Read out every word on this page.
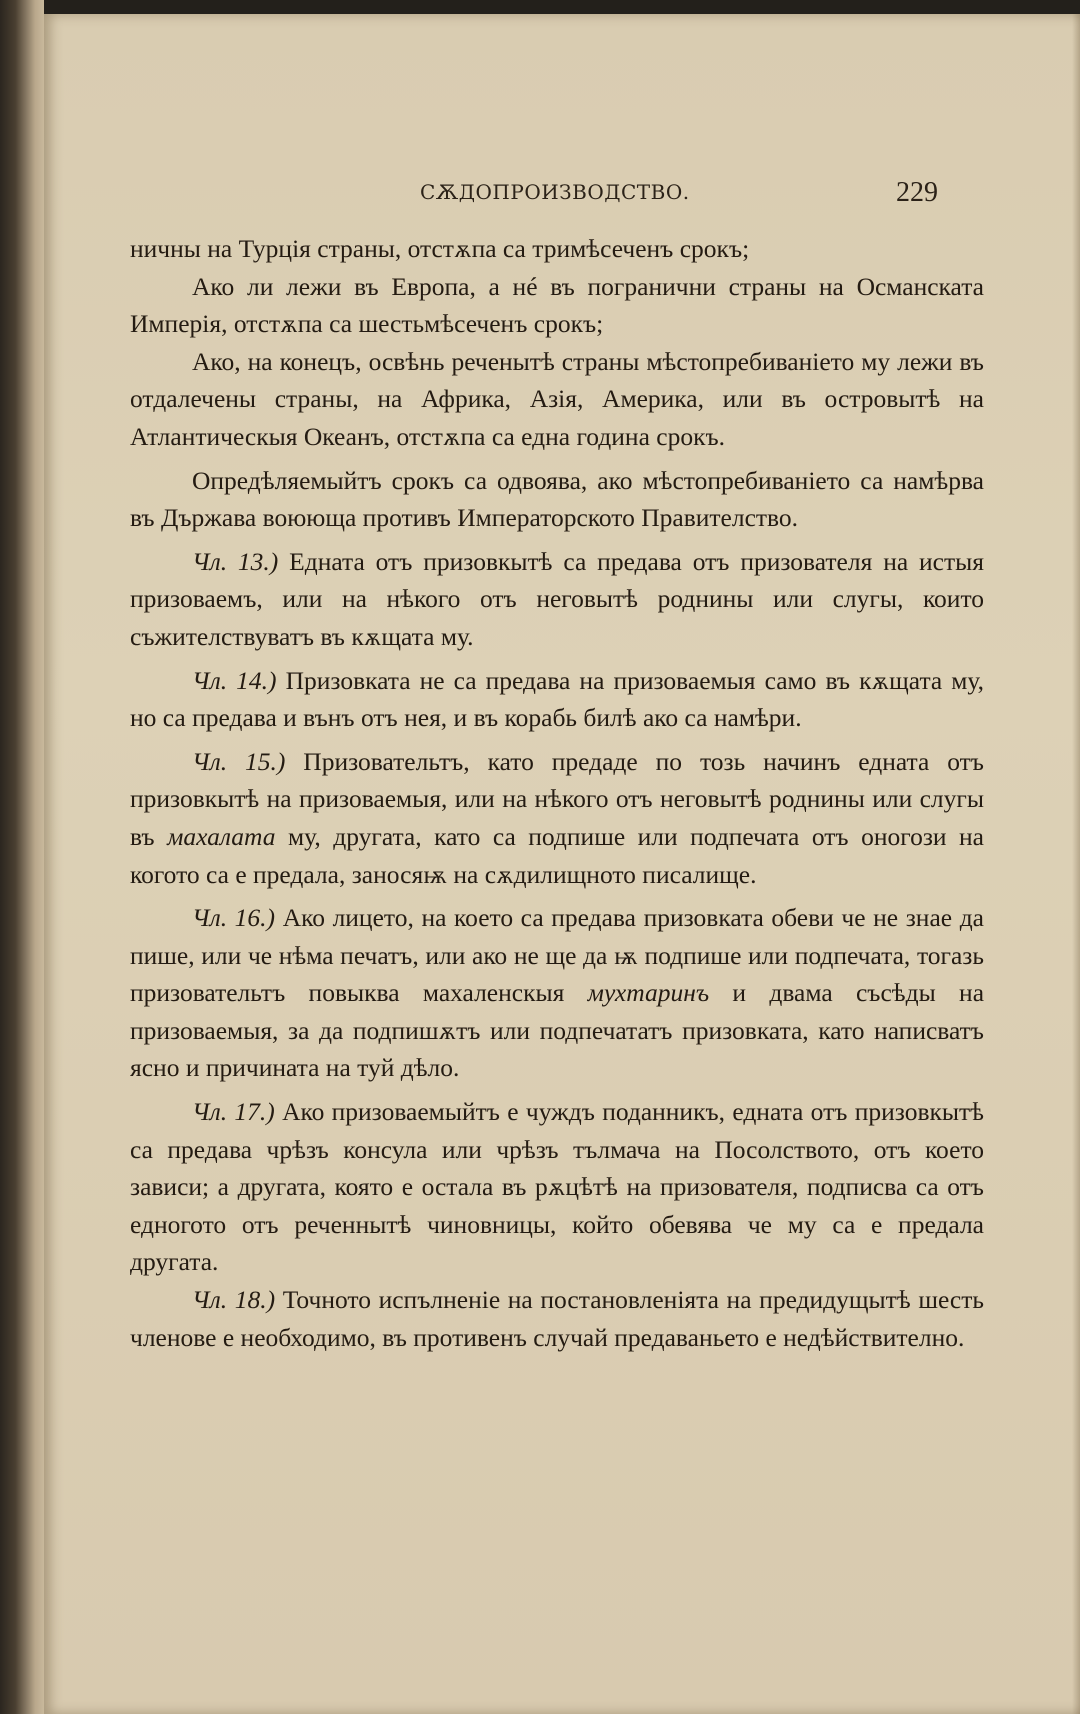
СѪДОПРОИЗВОДСТВО.	229

ничны на Турція страны, отстѫпа са тримѣсеченъ срокъ;

Ако ли лежи въ Европа, а нé въ погранични страны на Османската Имперія, отстѫпа са шестьмѣсеченъ срокъ;

Ако, на конецъ, освѣнь реченытѣ страны мѣстопребиваніето му лежи въ отдалечены страны, на Африка, Азія, Америка, или въ островытѣ на Атлантическыя Океанъ, отстѫпа са една година срокъ.

Опредѣляемыйтъ срокъ са одвоява, ако мѣстопребиваніето са намѣрва въ Държава воююща противъ Императорското Правителство.

Чл. 13.) Едната отъ призовкытѣ са предава отъ призователя на истыя призоваемъ, или на нѣкого отъ неговытѣ роднины или слугы, които съжителствуватъ въ кѫщата му.

Чл. 14.) Призовката не са предава на призоваемыя само въ кѫщата му, но са предава и вънъ отъ нея, и въ корабь билѣ ако са намѣри.

Чл. 15.) Призовательтъ, като предаде по тозь начинъ едната отъ призовкытѣ на призоваемыя, или на нѣкого отъ неговытѣ роднины или слугы въ махалата му, другата, като са подпише или подпечата отъ оногози на когото са е предала, заносяѭ на сѫдилищното писалище.

Чл. 16.) Ако лицето, на което са предава призовката обеви че не знае да пише, или че нѣма печатъ, или ако не ще да ѭ подпише или подпечата, тогазь призовательтъ повыква махаленскыя мухтаринъ и двама съсѣды на призоваемыя, за да подпишѫтъ или подпечататъ призовката, като написватъ ясно и причината на туй дѣло.

Чл. 17.) Ако призоваемыйтъ е чуждъ поданникъ, едната отъ призовкытѣ са предава чрѣзъ консула или чрѣзъ тълмача на Посолството, отъ което зависи; а другата, която е остала въ рѫцѣтѣ на призователя, подписва са отъ едногото отъ реченнытѣ чиновницы, който обевява че му са е предала другата.

Чл. 18.) Точното испълненіе на постановленіята на предидущытѣ шесть членове е необходимо, въ противенъ случай предаваньето е недѣйствително.
